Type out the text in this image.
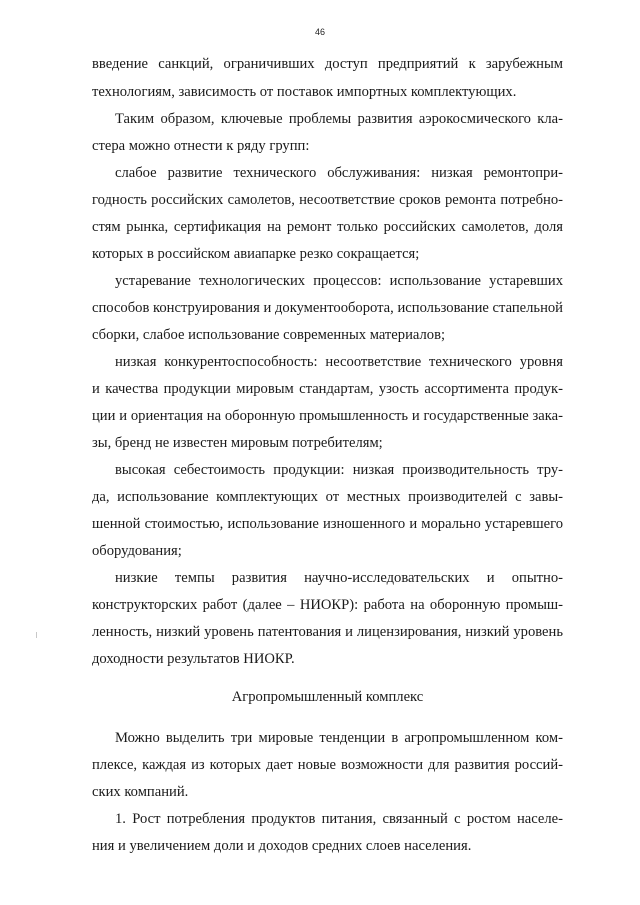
46
введение санкций, ограничивших доступ предприятий к зарубежным
технологиям, зависимость от поставок импортных комплектующих.
Таким образом, ключевые проблемы развития аэрокосмического кла-
стера можно отнести к ряду групп:
слабое развитие технического обслуживания: низкая ремонтопри-
годность российских самолетов, несоответствие сроков ремонта потребно-
стям рынка, сертификация на ремонт только российских самолетов, доля
которых в российском авиапарке резко сокращается;
устаревание технологических процессов: использование устаревших
способов конструирования и документооборота, использование стапельной
сборки, слабое использование современных материалов;
низкая конкурентоспособность: несоответствие технического уровня
и качества продукции мировым стандартам, узость ассортимента продук-
ции и ориентация на оборонную промышленность и государственные зака-
зы, бренд не известен мировым потребителям;
высокая себестоимость продукции: низкая производительность тру-
да, использование комплектующих от местных производителей с завы-
шенной стоимостью, использование изношенного и морально устаревшего
оборудования;
низкие темпы развития научно-исследовательских и опытно-
конструкторских работ (далее – НИОКР): работа на оборонную промыш-
ленность, низкий уровень патентования и лицензирования, низкий уровень
доходности результатов НИОКР.
Агропромышленный комплекс
Можно выделить три мировые тенденции в агропромышленном ком-
плексе, каждая из которых дает новые возможности для развития россий-
ских компаний.
1. Рост потребления продуктов питания, связанный с ростом населе-
ния и увеличением доли и доходов средних слоев населения.
